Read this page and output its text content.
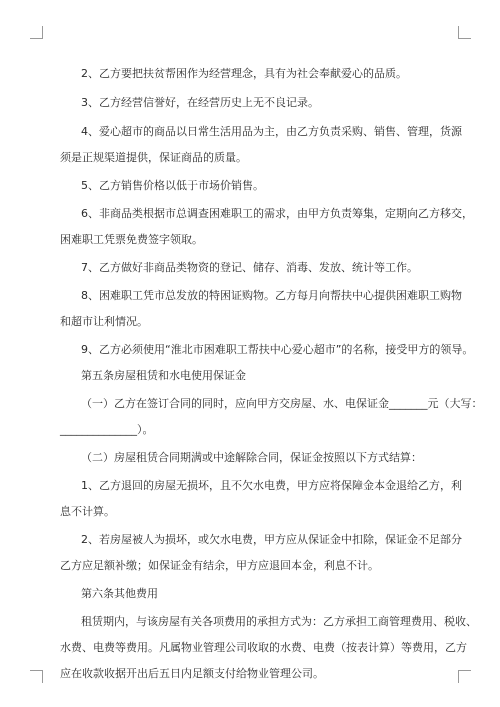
2、乙方要把扶贫帮困作为经营理念，具有为社会奉献爱心的品质。
3、乙方经营信誉好，在经营历史上无不良记录。
4、爱心超市的商品以日常生活用品为主，由乙方负责采购、销售、管理，货源
须是正规渠道提供，保证商品的质量。
5、乙方销售价格以低于市场价销售。
6、非商品类根据市总调查困难职工的需求，由甲方负责筹集，定期向乙方移交，
困难职工凭票免费签字领取。
7、乙方做好非商品类物资的登记、储存、消毒、发放、统计等工作。
8、困难职工凭市总发放的特困证购物。乙方每月向帮扶中心提供困难职工购物
和超市让利情况。
9、乙方必须使用“淮北市困难职工帮扶中心爱心超市”的名称，接受甲方的领导。
第五条房屋租赁和水电使用保证金
（一）乙方在签订合同的同时，应向甲方交房屋、水、电保证金_______元（大写：
______________）。
（二）房屋租赁合同期满或中途解除合同，保证金按照以下方式结算：
1、乙方退回的房屋无损坏，且不欠水电费，甲方应将保障金本金退给乙方，利
息不计算。
2、若房屋被人为损坏，或欠水电费，甲方应从保证金中扣除，保证金不足部分
乙方应足额补缴；如保证金有结余，甲方应退回本金，利息不计。
第六条其他费用
租赁期内，与该房屋有关各项费用的承担方式为：乙方承担工商管理费用、税收、
水费、电费等费用。凡属物业管理公司收取的水费、电费（按表计算）等费用，乙方
应在收款收据开出后五日内足额支付给物业管理公司。
